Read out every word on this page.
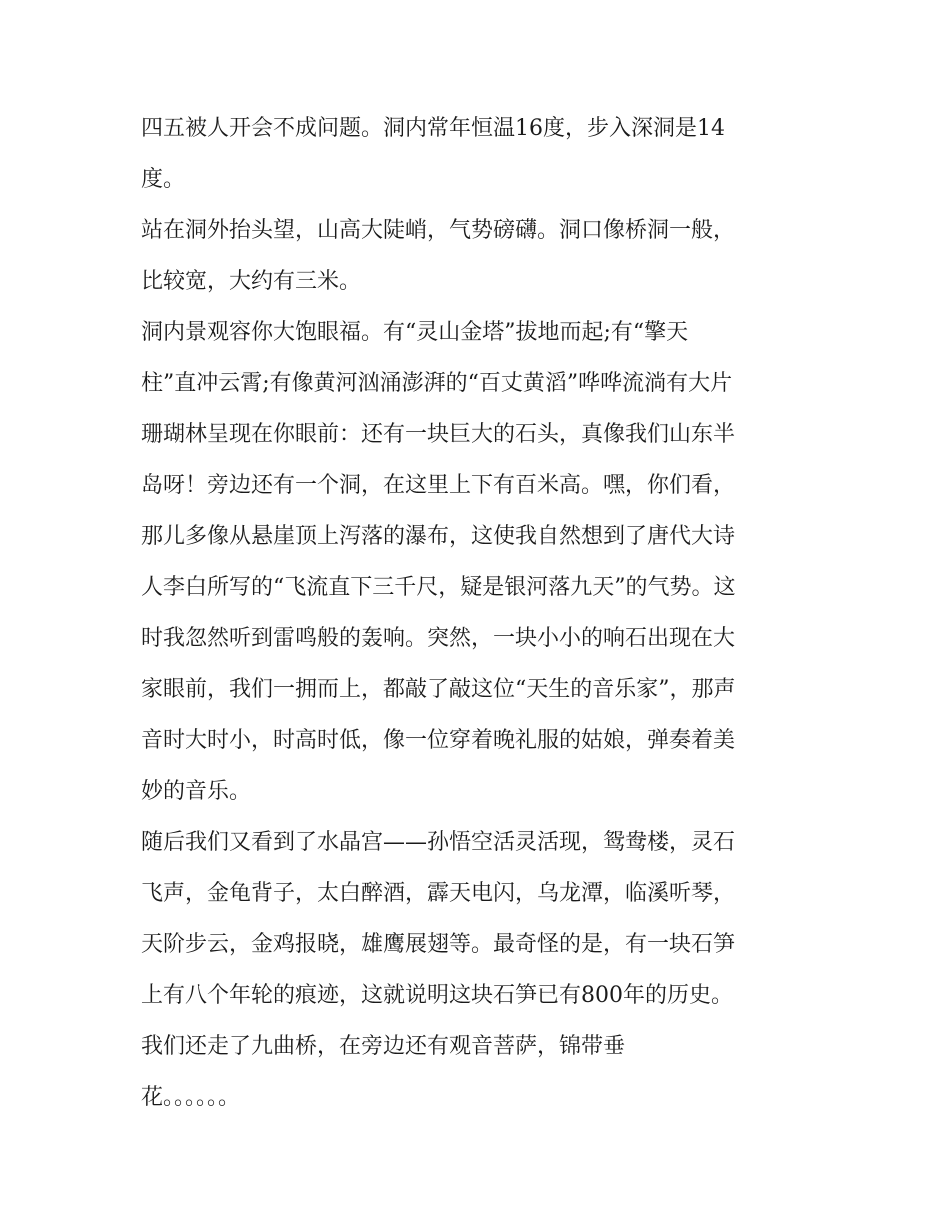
四五被人开会不成问题。洞内常年恒温16度，步入深洞是14
度。
站在洞外抬头望，山高大陡峭，气势磅礴。洞口像桥洞一般，
比较宽，大约有三米。
洞内景观容你大饱眼福。有“灵山金塔”拔地而起;有“擎天
柱”直冲云霄;有像黄河汹涌澎湃的“百丈黄滔”哗哗流淌有大片
珊瑚林呈现在你眼前：还有一块巨大的石头，真像我们山东半
岛呀！旁边还有一个洞，在这里上下有百米高。嘿，你们看，
那儿多像从悬崖顶上泻落的瀑布，这使我自然想到了唐代大诗
人李白所写的“飞流直下三千尺，疑是银河落九天”的气势。这
时我忽然听到雷鸣般的轰响。突然，一块小小的响石出现在大
家眼前，我们一拥而上，都敲了敲这位“天生的音乐家”，那声
音时大时小，时高时低，像一位穿着晚礼服的姑娘，弹奏着美
妙的音乐。
随后我们又看到了水晶宫——孙悟空活灵活现，鸳鸯楼，灵石
飞声，金龟背子，太白醉酒，霹天电闪，乌龙潭，临溪听琴，
天阶步云，金鸡报晓，雄鹰展翅等。最奇怪的是，有一块石笋
上有八个年轮的痕迹，这就说明这块石笋已有800年的历史。
我们还走了九曲桥，在旁边还有观音菩萨，锦带垂
花。。。。。。
